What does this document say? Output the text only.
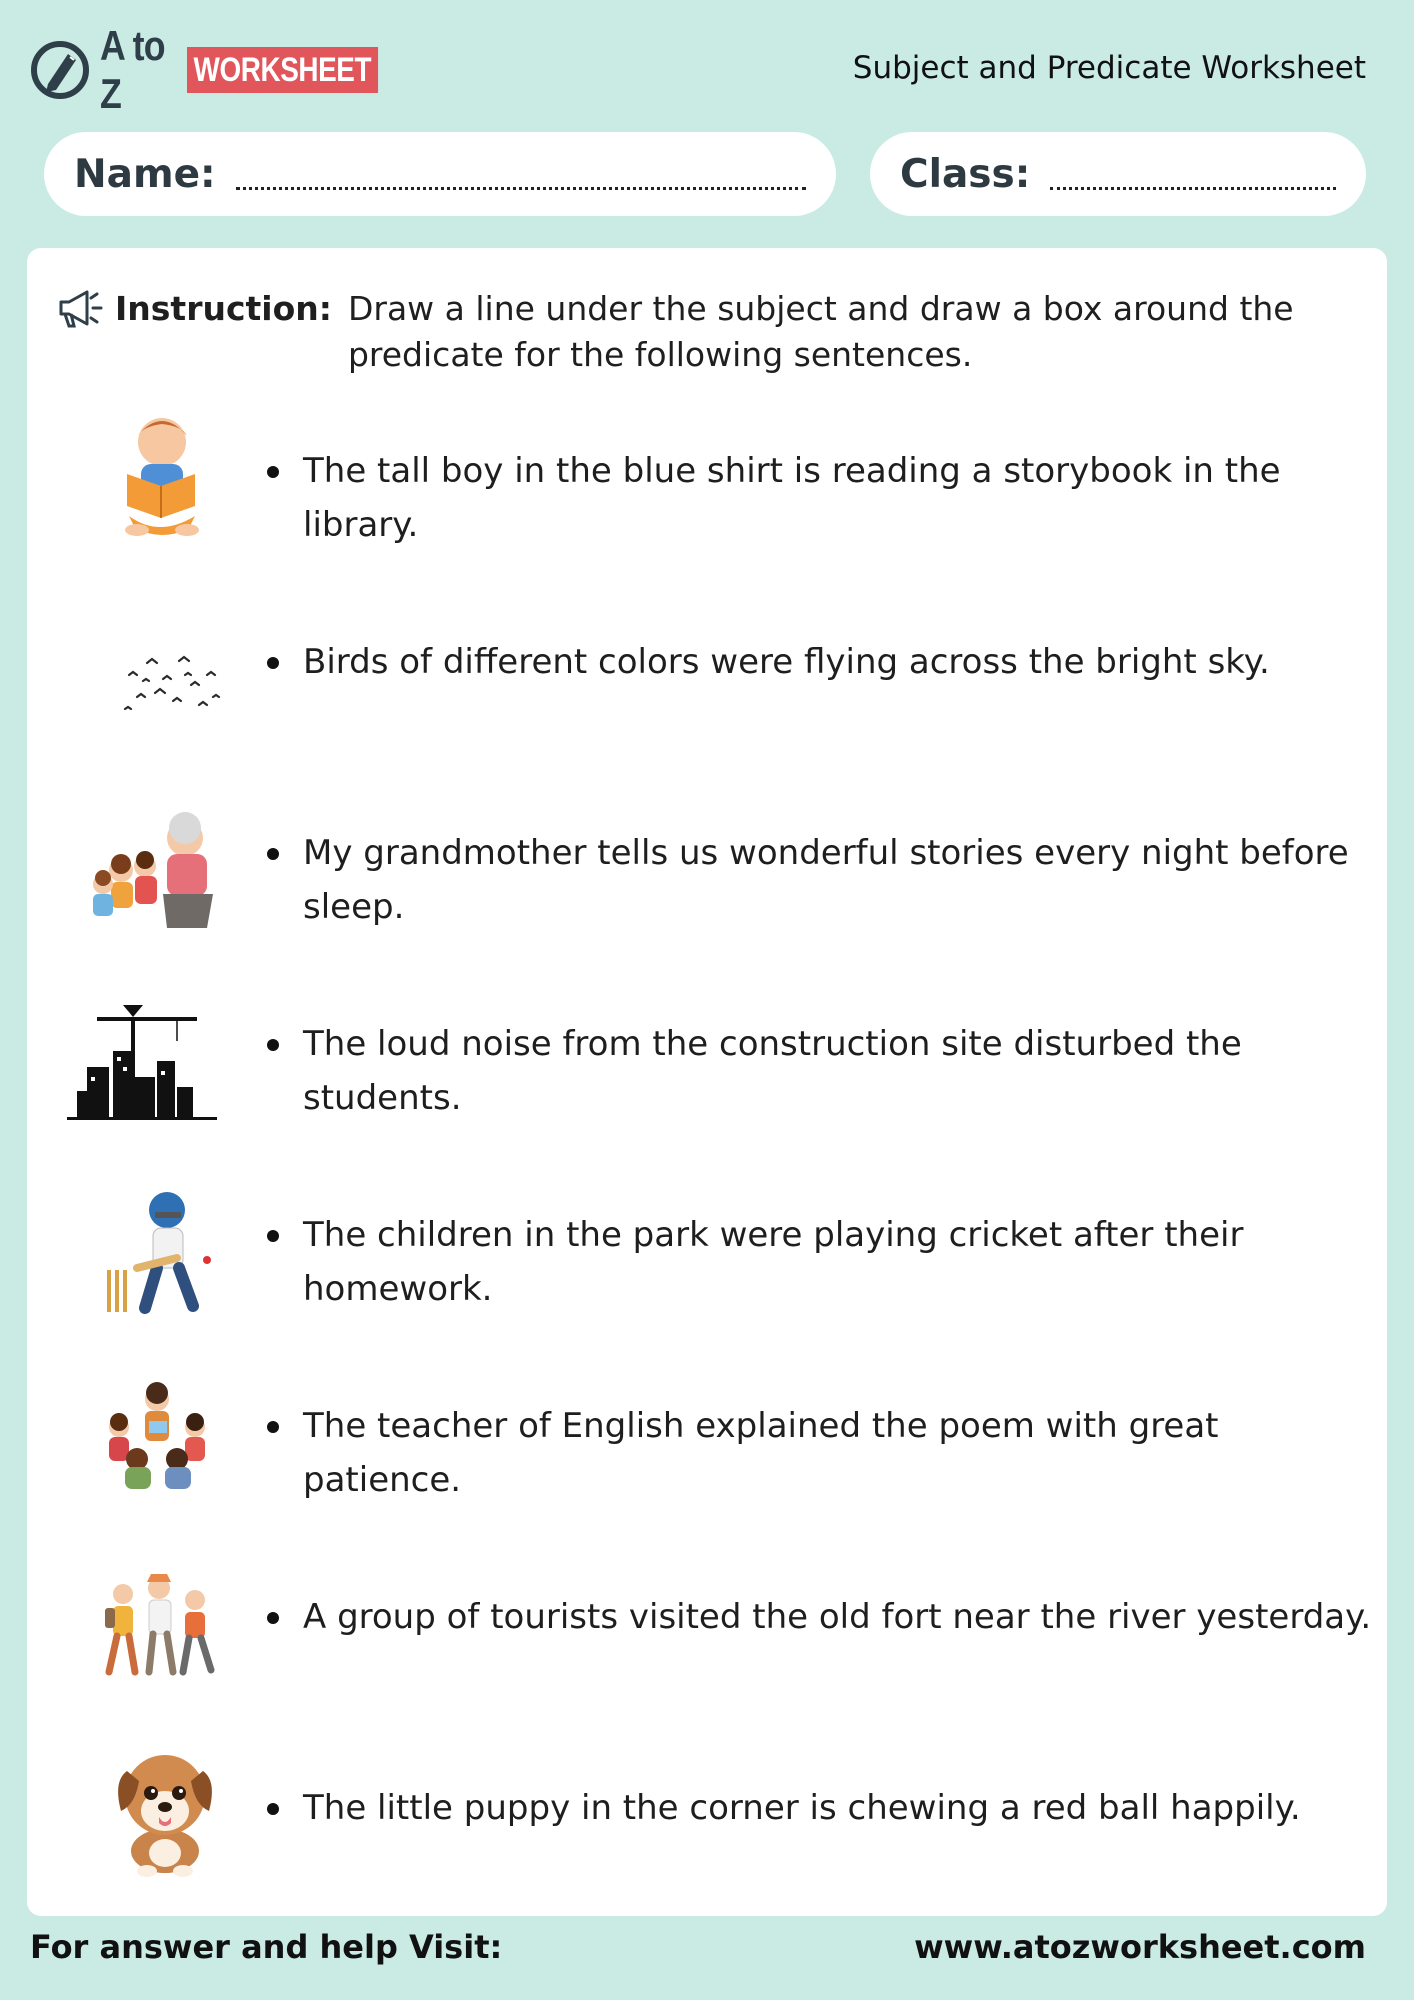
A to Z	WORKSHEET	Subject and Predicate Worksheet
Name:	Class:
Instruction: Draw a line under the subject and draw a box around the predicate for the following sentences.
The tall boy in the blue shirt is reading a storybook in the library.
Birds of different colors were flying across the bright sky.
My grandmother tells us wonderful stories every night before sleep.
The loud noise from the construction site disturbed the students.
The children in the park were playing cricket after their homework.
The teacher of English explained the poem with great patience.
A group of tourists visited the old fort near the river yesterday.
The little puppy in the corner is chewing a red ball happily.
For answer and help Visit:	www.atozworksheet.com
